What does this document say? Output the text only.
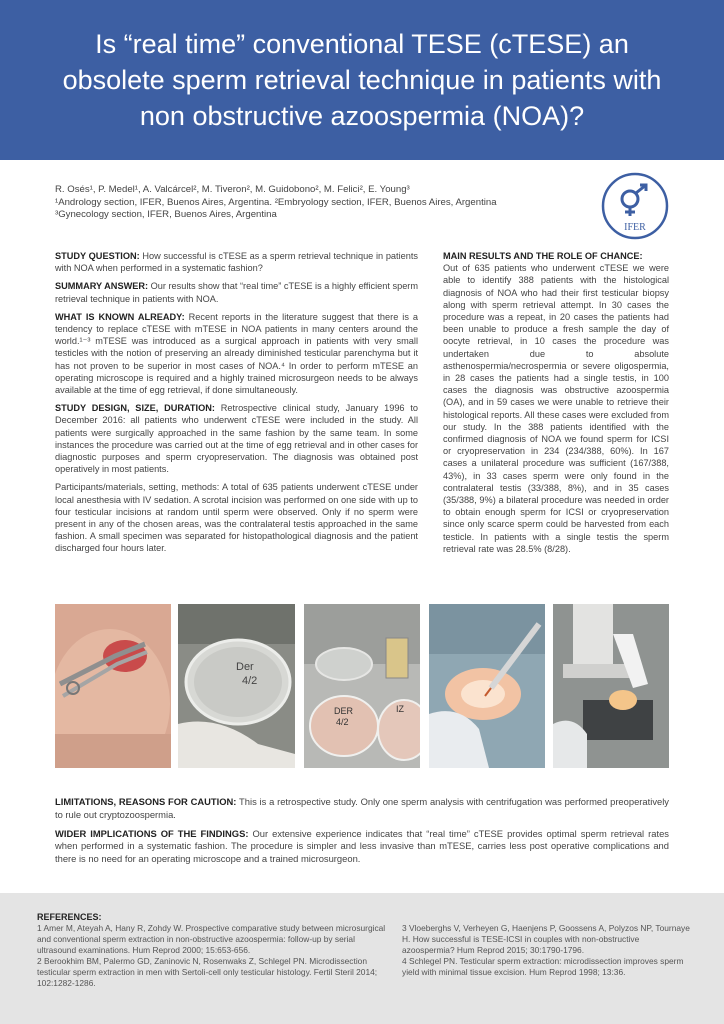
Is “real time” conventional TESE (cTESE) an obsolete sperm retrieval technique in patients with non obstructive azoospermia (NOA)?
R. Osés¹, P. Medel¹, A. Valcárcel², M. Tiveron², M. Guidobono², M. Felici², E. Young³
¹Andrology section, IFER, Buenos Aires, Argentina. ²Embryology section, IFER, Buenos Aires, Argentina
³Gynecology section, IFER, Buenos Aires, Argentina
IFER

STUDY QUESTION: How successful is cTESE as a sperm retrieval technique in patients with NOA when performed in a systematic fashion?

SUMMARY ANSWER: Our results show that “real time” cTESE is a highly efficient sperm retrieval technique in patients with NOA.

WHAT IS KNOWN ALREADY: Recent reports in the literature suggest that there is a tendency to replace cTESE with mTESE in NOA patients in many centers around the world.¹⁻³ mTESE was introduced as a surgical approach in patients with very small testicles with the notion of preserving an already diminished testicular parenchyma but it has not proven to be superior in most cases of NOA.⁴ In order to perform mTESE an operating microscope is required and a highly trained microsurgeon needs to be always available at the time of egg retrieval, if done simultaneously.

STUDY DESIGN, SIZE, DURATION: Retrospective clinical study, January 1996 to December 2016: all patients who underwent cTESE were included in the study. All patients were surgically approached in the same fashion by the same team. In some instances the procedure was carried out at the time of egg retrieval and in other cases for diagnostic purposes and sperm cryopreservation. The diagnosis was obtained post operatively in most patients.

Participants/materials, setting, methods: A total of 635 patients underwent cTESE under local anesthesia with IV sedation. A scrotal incision was performed on one side with up to four testicular incisions at random until sperm were observed. Only if no sperm were present in any of the chosen areas, was the contralateral testis approached in the same fashion. A small specimen was separated for histopathological diagnosis and the patient discharged four hours later.

MAIN RESULTS AND THE ROLE OF CHANCE:

Out of 635 patients who underwent cTESE we were able to identify 388 patients with the histological diagnosis of NOA who had their first testicular biopsy along with sperm retrieval attempt. In 30 cases the procedure was a repeat, in 20 cases the patients had been unable to produce a fresh sample the day of oocyte retrieval, in 10 cases the procedure was undertaken due to absolute asthenospermia/necrospermia or severe oligospermia, in 28 cases the patients had a single testis, in 100 cases the diagnosis was obstructive azoospermia (OA), and in 59 cases we were unable to retrieve their histological reports. All these cases were excluded from our study. In the 388 patients identified with the confirmed diagnosis of NOA we found sperm for ICSI or cryopreservation in 234 (234/388, 60%). In 167 cases a unilateral procedure was sufficient (167/388, 43%), in 33 cases sperm were only found in the contralateral testis (33/388, 8%), and in 35 cases (35/388, 9%) a bilateral procedure was needed in order to obtain enough sperm for ICSI or cryopreservation since only scarce sperm could be harvested from each testicle. In patients with a single testis the sperm retrieval rate was 28.5% (8/28).

Der
4/2
DER
4/2
IZ

LIMITATIONS, REASONS FOR CAUTION: This is a retrospective study. Only one sperm analysis with centrifugation was performed preoperatively to rule out cryptozoospermia.

WIDER IMPLICATIONS OF THE FINDINGS: Our extensive experience indicates that “real time” cTESE provides optimal sperm retrieval rates when performed in a systematic fashion. The procedure is simpler and less invasive than mTESE, carries less post operative complications and there is no need for an operating microscope and a trained microsurgeon.

REFERENCES:
1 Amer M, Ateyah A, Hany R, Zohdy W. Prospective comparative study between microsurgical and conventional sperm extraction in non-obstructive azoospermia: follow-up by serial ultrasound examinations. Hum Reprod 2000; 15:653-656.
2 Berookhim BM, Palermo GD, Zaninovic N, Rosenwaks Z, Schlegel PN. Microdissection testicular sperm extraction in men with Sertoli-cell only testicular histology. Fertil Steril 2014; 102:1282-1286.
3 Vloeberghs V, Verheyen G, Haenjens P, Goossens A, Polyzos NP, Tournaye H. How successful is TESE-ICSI in couples with non-obstructive azoospermia? Hum Reprod 2015; 30:1790-1796.
4 Schlegel PN. Testicular sperm extraction: microdissection improves sperm yield with minimal tissue excision. Hum Reprod 1998; 13:36.
